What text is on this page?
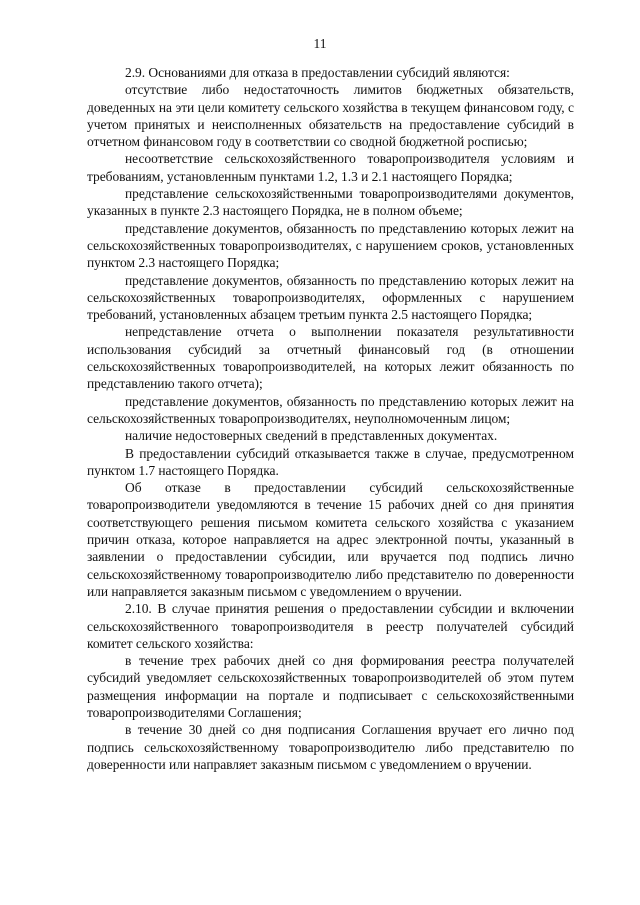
11

2.9. Основаниями для отказа в предоставлении субсидий являются:

отсутствие либо недостаточность лимитов бюджетных обязательств, доведенных на эти цели комитету сельского хозяйства в текущем финансовом году, с учетом принятых и неисполненных обязательств на предоставление субсидий в отчетном финансовом году в соответствии со сводной бюджетной росписью;

несоответствие сельскохозяйственного товаропроизводителя условиям и требованиям, установленным пунктами 1.2, 1.3 и 2.1 настоящего Порядка;

представление сельскохозяйственными товаропроизводителями документов, указанных в пункте 2.3 настоящего Порядка, не в полном объеме;

представление документов, обязанность по представлению которых лежит на сельскохозяйственных товаропроизводителях, с нарушением сроков, установленных пунктом 2.3 настоящего Порядка;

представление документов, обязанность по представлению которых лежит на сельскохозяйственных товаропроизводителях, оформленных с нарушением требований, установленных абзацем третьим пункта 2.5 настоящего Порядка;

непредставление отчета о выполнении показателя результативности использования субсидий за отчетный финансовый год (в отношении сельскохозяйственных товаропроизводителей, на которых лежит обязанность по представлению такого отчета);

представление документов, обязанность по представлению которых лежит на сельскохозяйственных товаропроизводителях, неуполномоченным лицом;

наличие недостоверных сведений в представленных документах.

В предоставлении субсидий отказывается также в случае, предусмотренном пунктом 1.7 настоящего Порядка.

Об отказе в предоставлении субсидий сельскохозяйственные товаропроизводители уведомляются в течение 15 рабочих дней со дня принятия соответствующего решения письмом комитета сельского хозяйства с указанием причин отказа, которое направляется на адрес электронной почты, указанный в заявлении о предоставлении субсидии, или вручается под подпись лично сельскохозяйственному товаропроизводителю либо представителю по доверенности или направляется заказным письмом с уведомлением о вручении.

2.10. В случае принятия решения о предоставлении субсидии и включении сельскохозяйственного товаропроизводителя в реестр получателей субсидий комитет сельского хозяйства:

в течение трех рабочих дней со дня формирования реестра получателей субсидий уведомляет сельскохозяйственных товаропроизводителей об этом путем размещения информации на портале и подписывает с сельскохозяйственными товаропроизводителями Соглашения;

в течение 30 дней со дня подписания Соглашения вручает его лично под подпись сельскохозяйственному товаропроизводителю либо представителю по доверенности или направляет заказным письмом с уведомлением о вручении.
